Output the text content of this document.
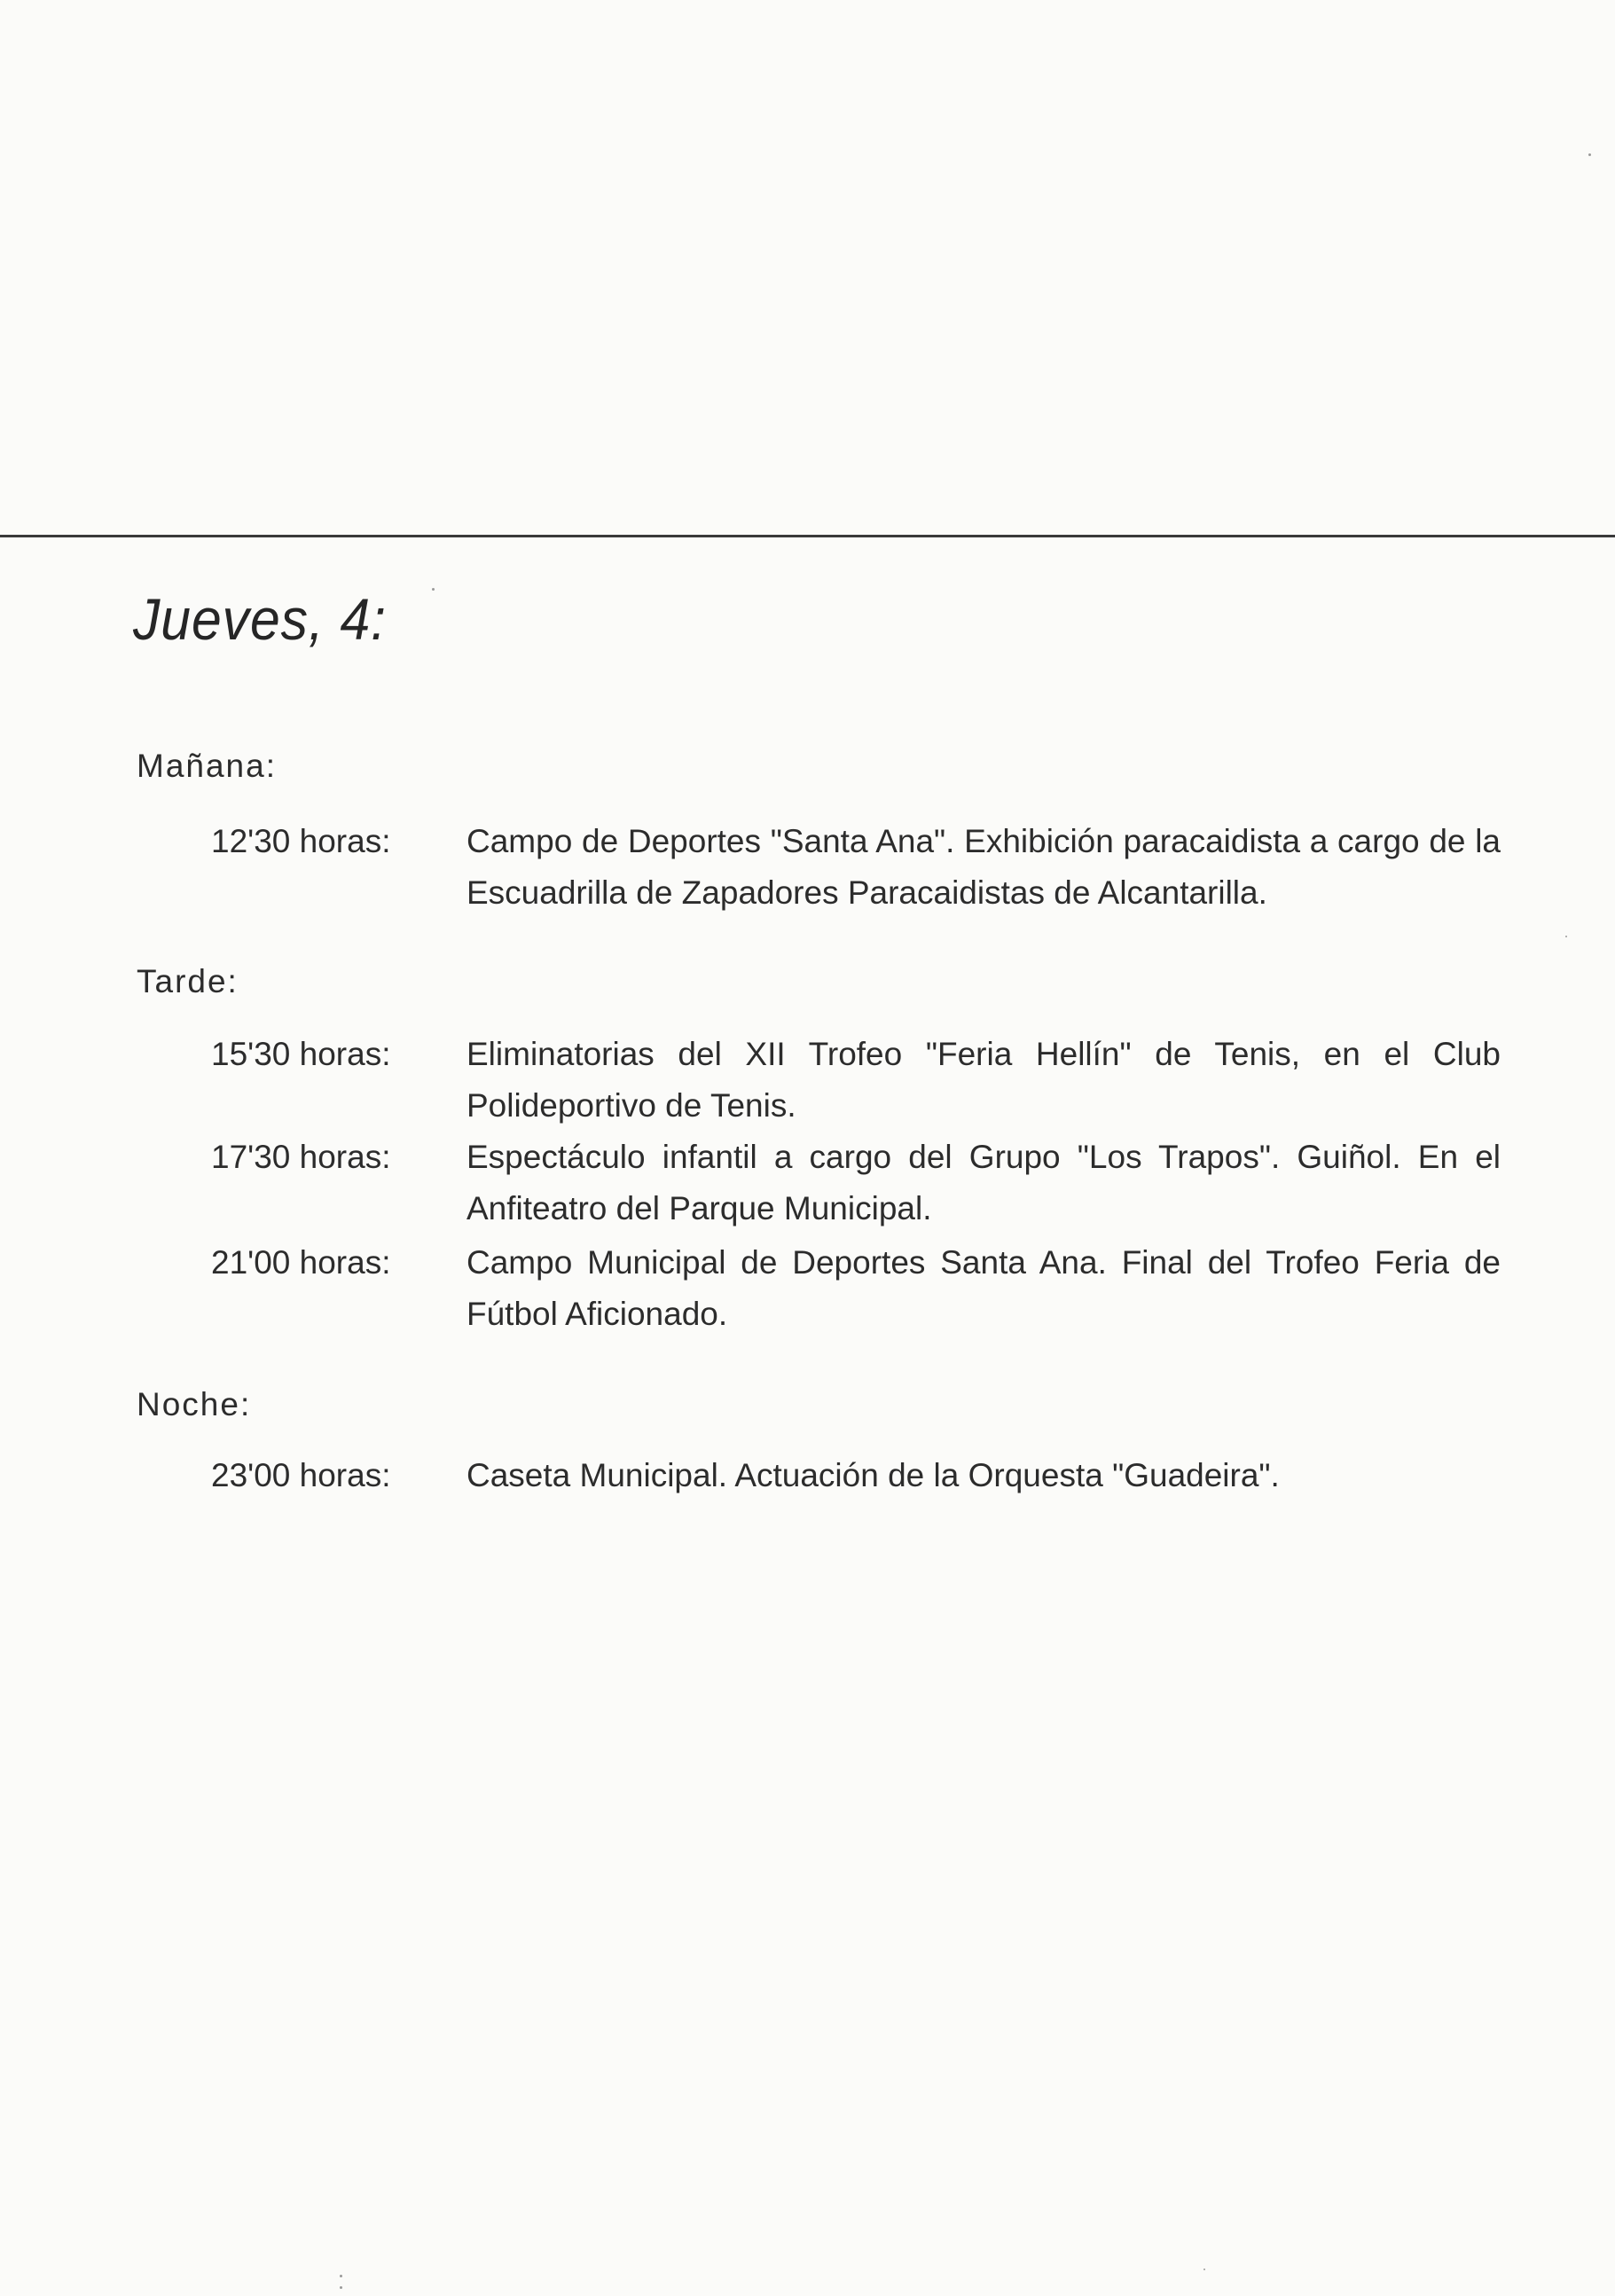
Jueves, 4:
Mañana:
12'30 horas: Campo de Deportes "Santa Ana". Exhibición paracaidista a cargo de la Escuadrilla de Zapadores Paracaidistas de Alcantarilla.
Tarde:
15'30 horas: Eliminatorias del XII Trofeo "Feria Hellín" de Tenis, en el Club Polideportivo de Tenis.
17'30 horas: Espectáculo infantil a cargo del Grupo "Los Trapos". Guiñol. En el Anfiteatro del Parque Municipal.
21'00 horas: Campo Municipal de Deportes Santa Ana. Final del Trofeo Feria de Fútbol Aficionado.
Noche:
23'00 horas: Caseta Municipal. Actuación de la Orquesta "Guadeira".
